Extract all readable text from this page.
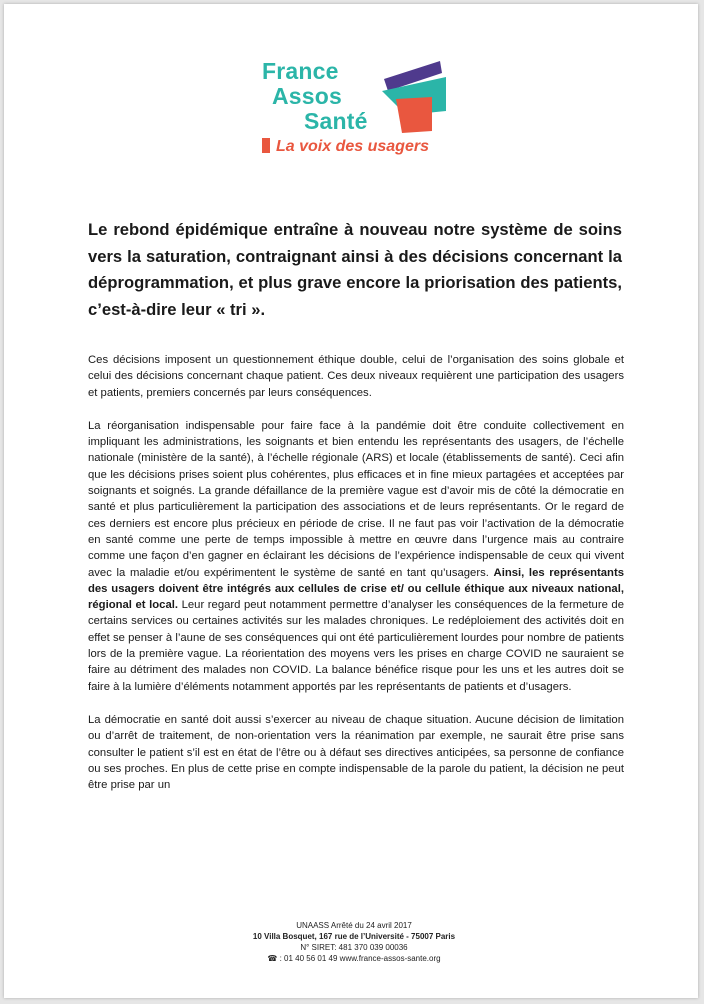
France
Assos
Santé
La voix des usagers
Le rebond épidémique entraîne à nouveau notre système de soins vers la saturation, contraignant ainsi à des décisions concernant la déprogrammation, et plus grave encore la priorisation des patients, c’est-à-dire leur « tri ».

Ces décisions imposent un questionnement éthique double, celui de l’organisation des soins globale et celui des décisions concernant chaque patient. Ces deux niveaux requièrent une participation des usagers et patients, premiers concernés par leurs conséquences.

La réorganisation indispensable pour faire face à la pandémie doit être conduite collectivement en impliquant les administrations, les soignants et bien entendu les représentants des usagers, de l’échelle nationale (ministère de la santé), à l’échelle régionale (ARS) et locale (établissements de santé). Ceci afin que les décisions prises soient plus cohérentes, plus efficaces et in fine mieux partagées et acceptées par soignants et soignés. La grande défaillance de la première vague est d’avoir mis de côté la démocratie en santé et plus particulièrement la participation des associations et de leurs représentants. Or le regard de ces derniers est encore plus précieux en période de crise. Il ne faut pas voir l’activation de la démocratie en santé comme une perte de temps impossible à mettre en œuvre dans l’urgence mais au contraire comme une façon d’en gagner en éclairant les décisions de l’expérience indispensable de ceux qui vivent avec la maladie et/ou expérimentent le système de santé en tant qu’usagers. Ainsi, les représentants des usagers doivent être intégrés aux cellules de crise et/ ou cellule éthique aux niveaux national, régional et local. Leur regard peut notamment permettre d’analyser les conséquences de la fermeture de certains services ou certaines activités sur les malades chroniques. Le redéploiement des activités doit en effet se penser à l’aune de ses conséquences qui ont été particulièrement lourdes pour nombre de patients lors de la première vague. La réorientation des moyens vers les prises en charge COVID ne sauraient se faire au détriment des malades non COVID. La balance bénéfice risque pour les uns et les autres doit se faire à la lumière d’éléments notamment apportés par les représentants de patients et d’usagers.

La démocratie en santé doit aussi s’exercer au niveau de chaque situation. Aucune décision de limitation ou d’arrêt de traitement, de non-orientation vers la réanimation par exemple, ne saurait être prise sans consulter le patient s’il est en état de l’être ou à défaut ses directives anticipées, sa personne de confiance ou ses proches. En plus de cette prise en compte indispensable de la parole du patient, la décision ne peut être prise par un

UNAASS Arrêté du 24 avril 2017
10 Villa Bosquet, 167 rue de l’Université - 75007 Paris
N° SIRET: 481 370 039 00036
☎ : 01 40 56 01 49 www.france-assos-sante.org
